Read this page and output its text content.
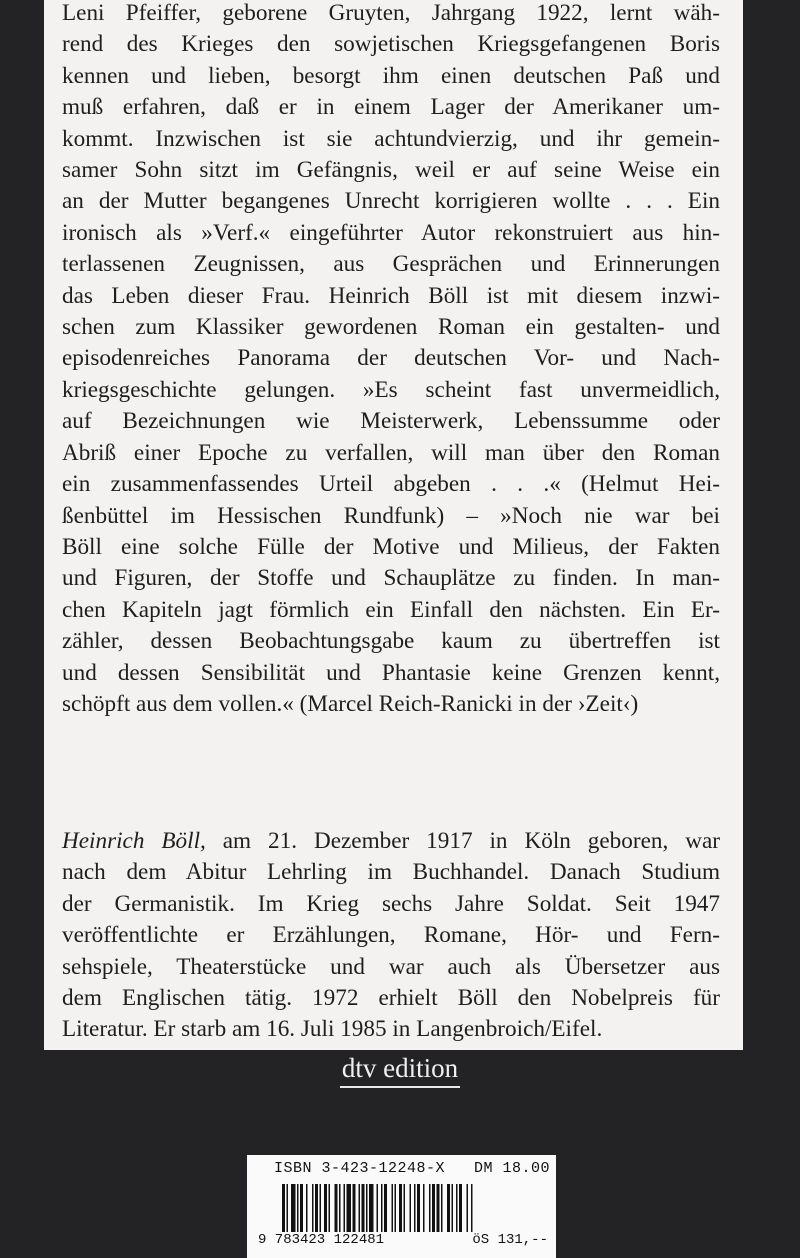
Leni Pfeiffer, geborene Gruyten, Jahrgang 1922, lernt wäh-
rend des Krieges den sowjetischen Kriegsgefangenen Boris
kennen und lieben, besorgt ihm einen deutschen Paß und
muß erfahren, daß er in einem Lager der Amerikaner um-
kommt. Inzwischen ist sie achtundvierzig, und ihr gemein-
samer Sohn sitzt im Gefängnis, weil er auf seine Weise ein
an der Mutter begangenes Unrecht korrigieren wollte . . . Ein
ironisch als »Verf.« eingeführter Autor rekonstruiert aus hin-
terlassenen Zeugnissen, aus Gesprächen und Erinnerungen
das Leben dieser Frau. Heinrich Böll ist mit diesem inzwi-
schen zum Klassiker gewordenen Roman ein gestalten- und
episodenreiches Panorama der deutschen Vor- und Nach-
kriegsgeschichte gelungen. »Es scheint fast unvermeidlich,
auf Bezeichnungen wie Meisterwerk, Lebenssumme oder
Abriß einer Epoche zu verfallen, will man über den Roman
ein zusammenfassendes Urteil abgeben . . .« (Helmut Hei-
ßenbüttel im Hessischen Rundfunk) – »Noch nie war bei
Böll eine solche Fülle der Motive und Milieus, der Fakten
und Figuren, der Stoffe und Schauplätze zu finden. In man-
chen Kapiteln jagt förmlich ein Einfall den nächsten. Ein Er-
zähler, dessen Beobachtungsgabe kaum zu übertreffen ist
und dessen Sensibilität und Phantasie keine Grenzen kennt,
schöpft aus dem vollen.« (Marcel Reich-Ranicki in der ›Zeit‹)
Heinrich Böll, am 21. Dezember 1917 in Köln geboren, war
nach dem Abitur Lehrling im Buchhandel. Danach Studium
der Germanistik. Im Krieg sechs Jahre Soldat. Seit 1947
veröffentlichte er Erzählungen, Romane, Hör- und Fern-
sehspiele, Theaterstücke und war auch als Übersetzer aus
dem Englischen tätig. 1972 erhielt Böll den Nobelpreis für
Literatur. Er starb am 16. Juli 1985 in Langenbroich/Eifel.
dtv edition
ISBN 3-423-12248-X DM 18.00
9 783423 122481	öS 131,--
